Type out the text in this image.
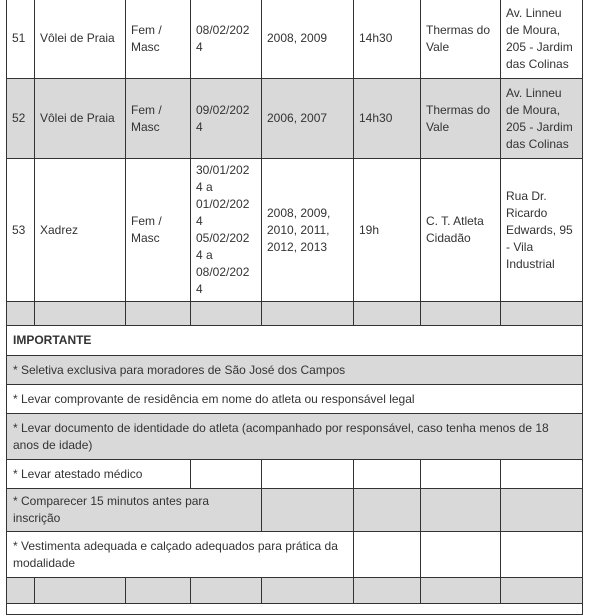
51	Vôlei de Praia	Fem / Masc	08/02/2024	2008, 2009	14h30	Thermas do Vale	Av. Linneu de Moura, 205 - Jardim das Colinas
52	Vôlei de Praia	Fem / Masc	09/02/2024	2006, 2007	14h30	Thermas do Vale	Av. Linneu de Moura, 205 - Jardim das Colinas
53	Xadrez	Fem / Masc	30/01/2024 a 01/02/2024 05/02/2024 a 08/02/2024	2008, 2009, 2010, 2011, 2012, 2013	19h	C. T. Atleta Cidadão	Rua Dr. Ricardo Edwards, 95 - Vila Industrial

IMPORTANTE							
* Seletiva exclusiva para moradores de São José dos Campos							
* Levar comprovante de residência em nome do atleta ou responsável legal							
* Levar documento de identidade do atleta (acompanhado por responsável, caso tenha menos de 18 anos de idade)							
* Levar atestado médico							
* Comparecer 15 minutos antes para inscrição							
* Vestimenta adequada e calçado adequados para prática da modalidade							
